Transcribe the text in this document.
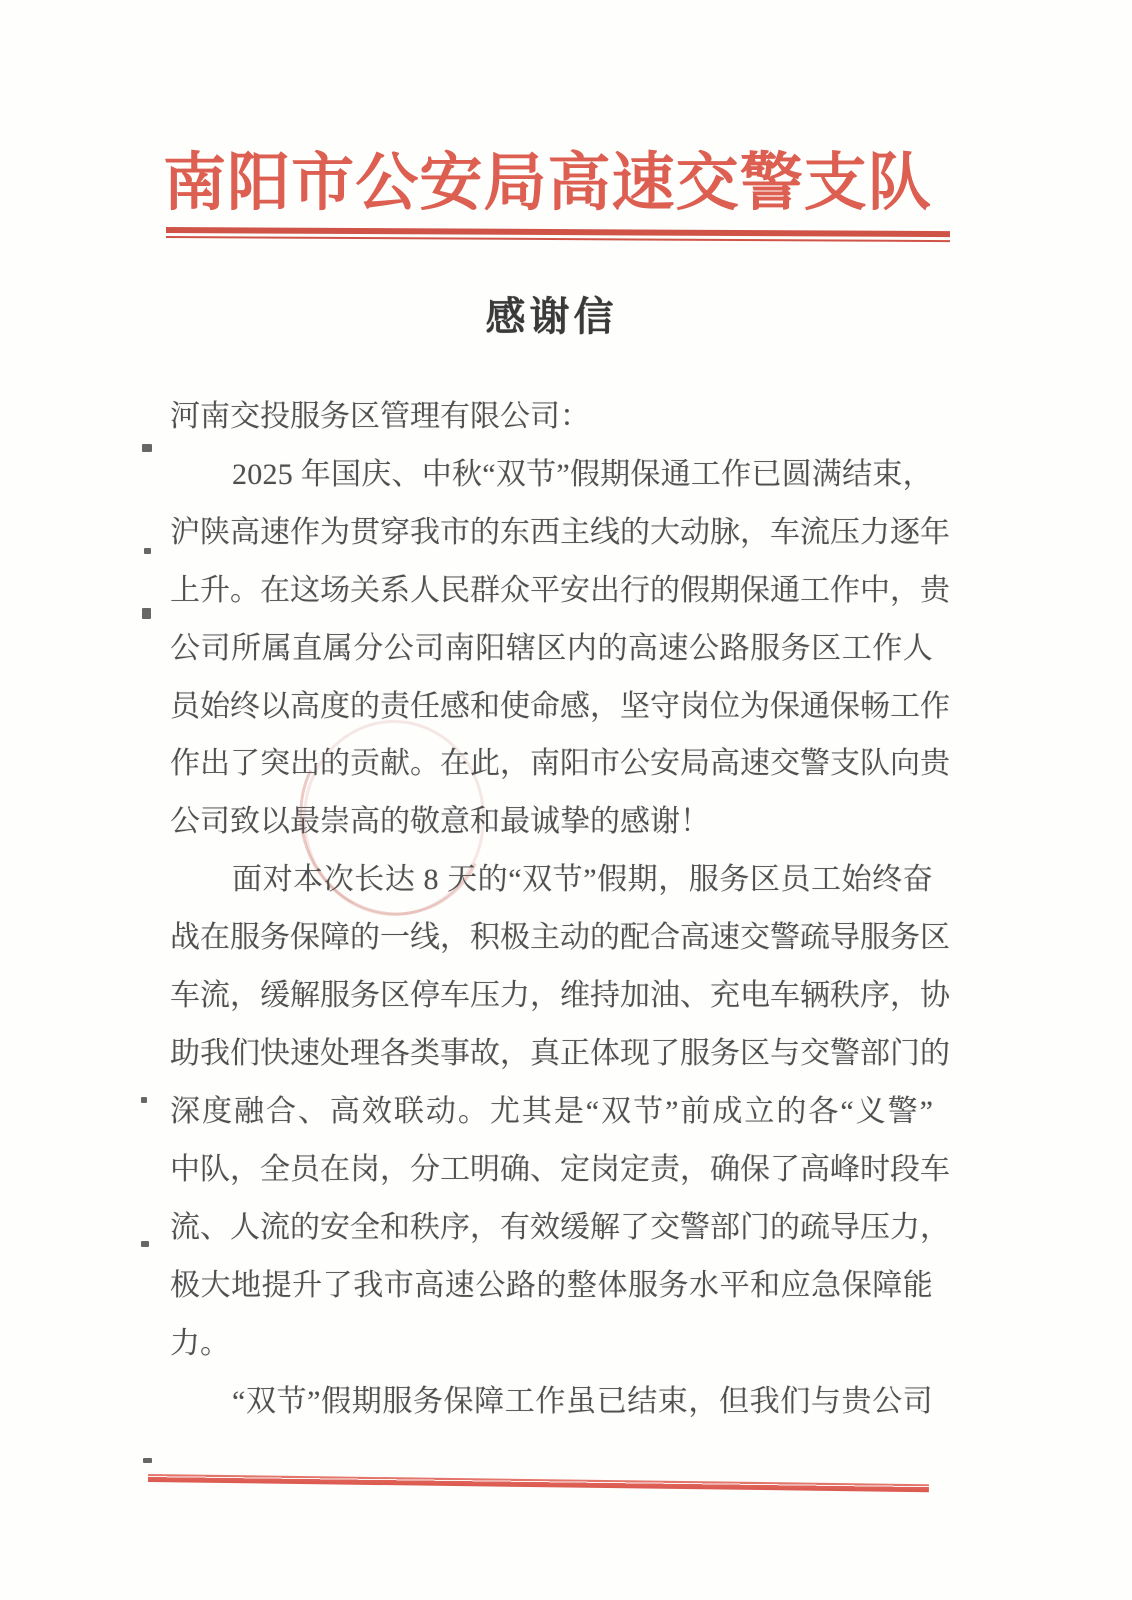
南 阳 市 公 安 局 高 速 交 警 支 队
感谢信
河 南 交 投 服 务 区 管 理 有 限 公 司 ：
2 0 2 5
年 国 庆 、 中 秋 “ 双 节 ” 假 期 保 通 工 作 已 圆 满 结 束 ，
沪 陕 高 速 作 为 贯 穿 我 市 的 东 西 主 线 的 大 动 脉 ， 车 流 压 力 逐 年
上 升 。 在 这 场 关 系 人 民 群 众 平 安 出 行 的 假 期 保 通 工 作 中 ， 贵
公 司 所 属 直 属 分 公 司 南 阳 辖 区 内 的 高 速 公 路 服 务 区 工 作 人
员 始 终 以 高 度 的 责 任 感 和 使 命 感 ， 坚 守 岗 位 为 保 通 保 畅 工 作
作 出 了 突 出 的 贡 献 。 在 此 ， 南 阳 市 公 安 局 高 速 交 警 支 队 向 贵
公 司 致 以 最 崇 高 的 敬 意 和 最 诚 挚 的 感 谢 ！
面 对 本 次 长 达
8
天 的 “ 双 节 ” 假 期 ， 服 务 区 员 工 始 终 奋
战 在 服 务 保 障 的 一 线 ， 积 极 主 动 的 配 合 高 速 交 警 疏 导 服 务 区
车 流 ， 缓 解 服 务 区 停 车 压 力 ， 维 持 加 油 、 充 电 车 辆 秩 序 ， 协
助 我 们 快 速 处 理 各 类 事 故 ， 真 正 体 现 了 服 务 区 与 交 警 部 门 的
深 度 融 合 、 高 效 联 动 。 尤 其 是 “ 双 节 ” 前 成 立 的 各 “ 义 警 ”
中 队 ， 全 员 在 岗 ， 分 工 明 确 、 定 岗 定 责 ， 确 保 了 高 峰 时 段 车
流 、 人 流 的 安 全 和 秩 序 ， 有 效 缓 解 了 交 警 部 门 的 疏 导 压 力 ，
极 大 地 提 升 了 我 市 高 速 公 路 的 整 体 服 务 水 平 和 应 急 保 障 能
力 。
“ 双 节 ” 假 期 服 务 保 障 工 作 虽 已 结 束 ， 但 我 们 与 贵 公 司
